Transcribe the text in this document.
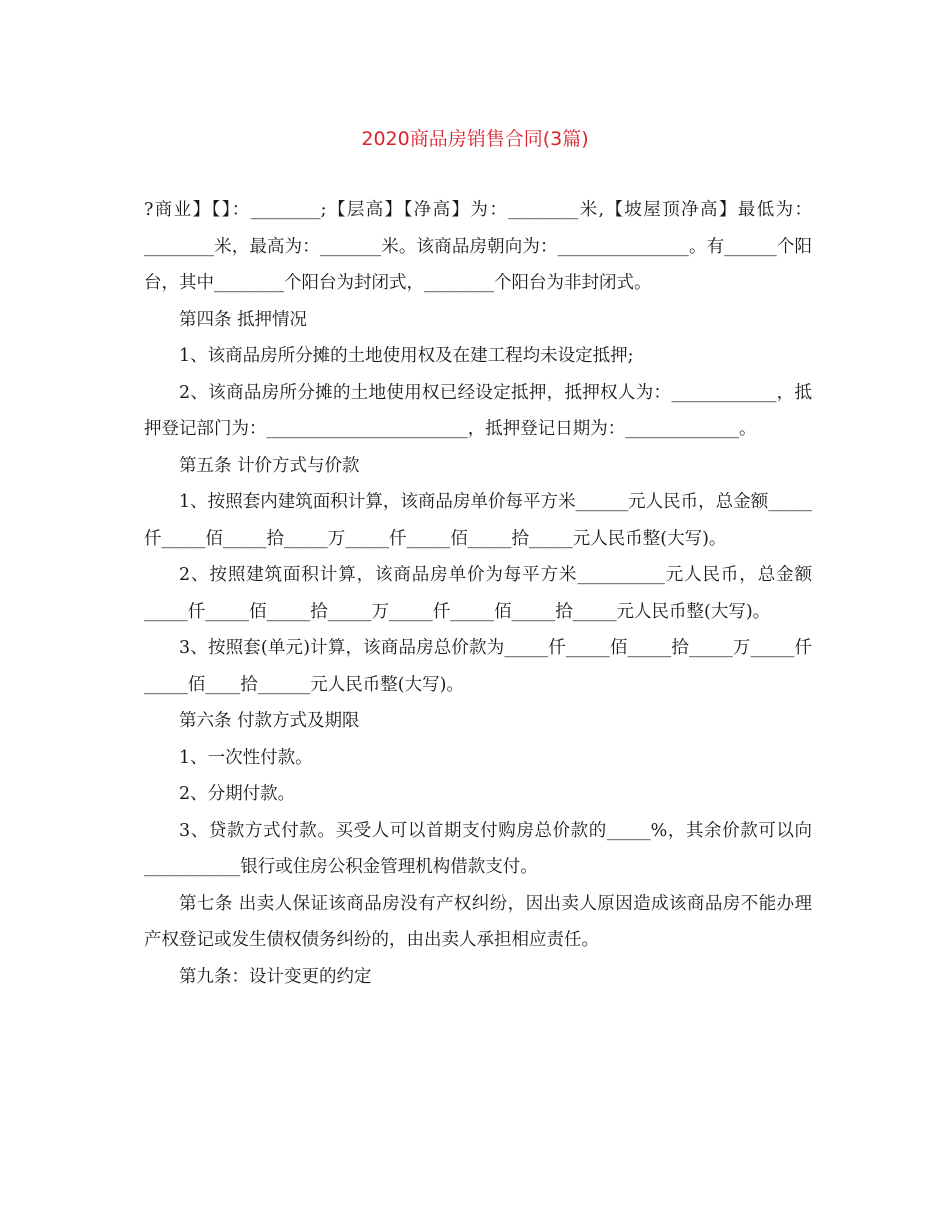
2020商品房销售合同(3篇)

?商业】【】：________;【层高】【净高】为：________米,【坡屋顶净高】最低为：________米，最高为：_______米。该商品房朝向为：_______________。有______个阳台，其中________个阳台为封闭式，________个阳台为非封闭式。

第四条 抵押情况

1、该商品房所分摊的土地使用权及在建工程均未设定抵押;

2、该商品房所分摊的土地使用权已经设定抵押，抵押权人为：____________，抵押登记部门为：_______________________，抵押登记日期为：_____________。

第五条 计价方式与价款

1、按照套内建筑面积计算，该商品房单价每平方米______元人民币，总金额_____仟_____佰_____拾_____万_____仟_____佰_____拾_____元人民币整(大写)。

2、按照建筑面积计算，该商品房单价为每平方米__________元人民币，总金额_____仟_____佰_____拾_____万_____仟_____佰_____拾_____元人民币整(大写)。

3、按照套(单元)计算，该商品房总价款为_____仟_____佰_____拾_____万_____仟_____佰____拾______元人民币整(大写)。

第六条 付款方式及期限

1、一次性付款。

2、分期付款。

3、贷款方式付款。买受人可以首期支付购房总价款的_____%，其余价款可以向___________银行或住房公积金管理机构借款支付。

第七条 出卖人保证该商品房没有产权纠纷，因出卖人原因造成该商品房不能办理产权登记或发生债权债务纠纷的，由出卖人承担相应责任。

第九条：设计变更的约定
